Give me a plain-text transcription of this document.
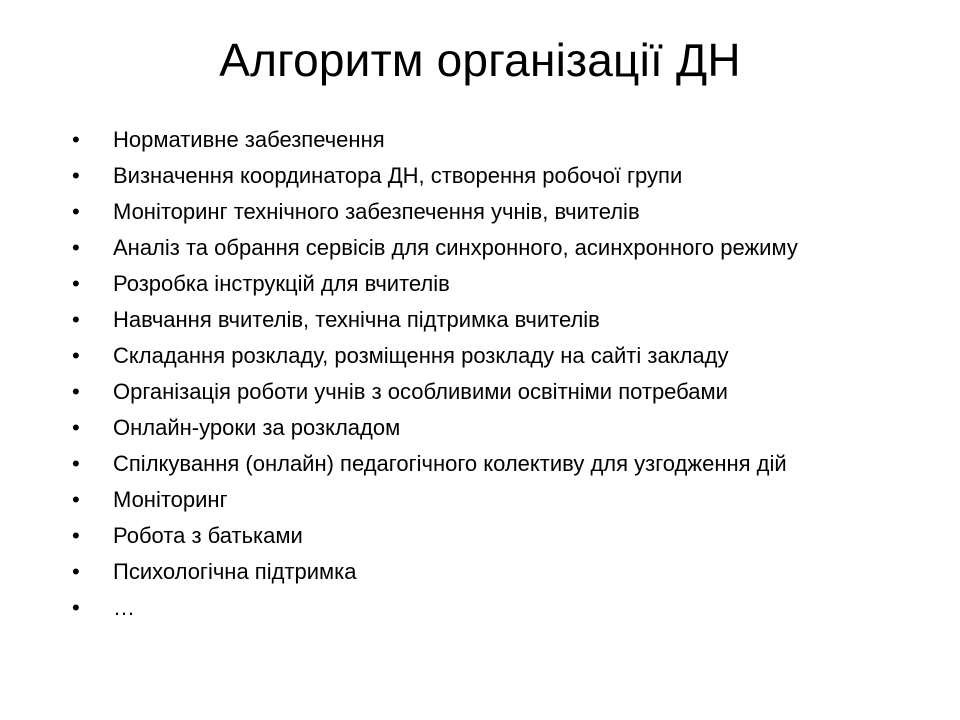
Алгоритм організації ДН
•	Нормативне забезпечення
•	Визначення координатора ДН, створення робочої групи
•	Моніторинг технічного забезпечення учнів, вчителів
•	Аналіз та обрання сервісів для синхронного, асинхронного режиму
•	Розробка інструкцій для вчителів
•	Навчання вчителів, технічна підтримка вчителів
•	Складання розкладу, розміщення розкладу на сайті закладу
•	Організація роботи учнів з особливими освітніми потребами
•	Онлайн-уроки за розкладом
•	Спілкування (онлайн) педагогічного колективу для узгодження дій
•	Моніторинг
•	Робота з батьками
•	Психологічна підтримка
•	…
